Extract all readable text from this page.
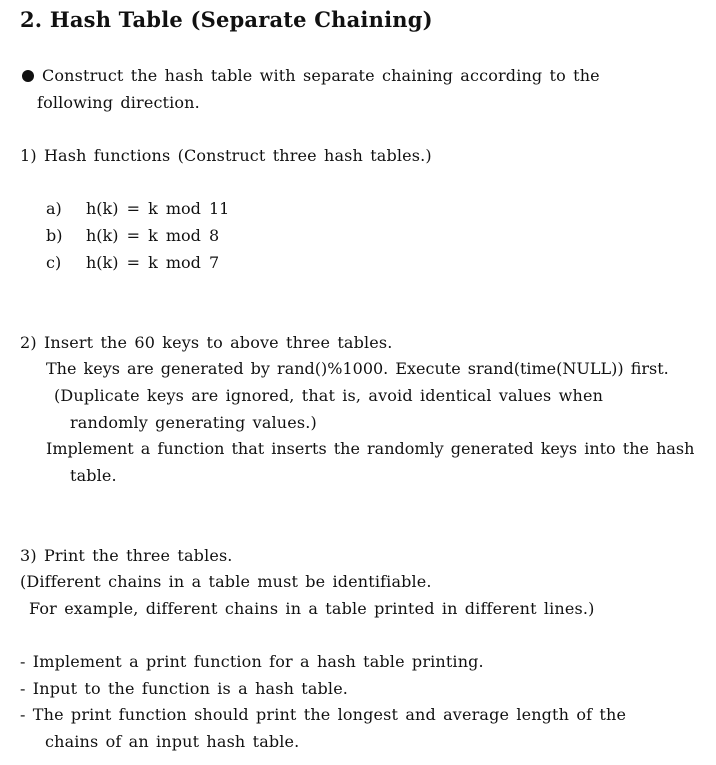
2. Hash Table (Separate Chaining)
Construct the hash table with separate chaining according to the
following direction.
1) Hash functions (Construct three hash tables.)
a) h(k) = k mod 11
b) h(k) = k mod 8
c) h(k) = k mod 7
2) Insert the 60 keys to above three tables.
The keys are generated by rand()%1000. Execute srand(time(NULL)) first.
(Duplicate keys are ignored, that is, avoid identical values when
randomly generating values.)
Implement a function that inserts the randomly generated keys into the hash
table.
3) Print the three tables.
(Different chains in a table must be identifiable.
For example, different chains in a table printed in different lines.)
- Implement a print function for a hash table printing.
- Input to the function is a hash table.
- The print function should print the longest and average length of the
chains of an input hash table.
